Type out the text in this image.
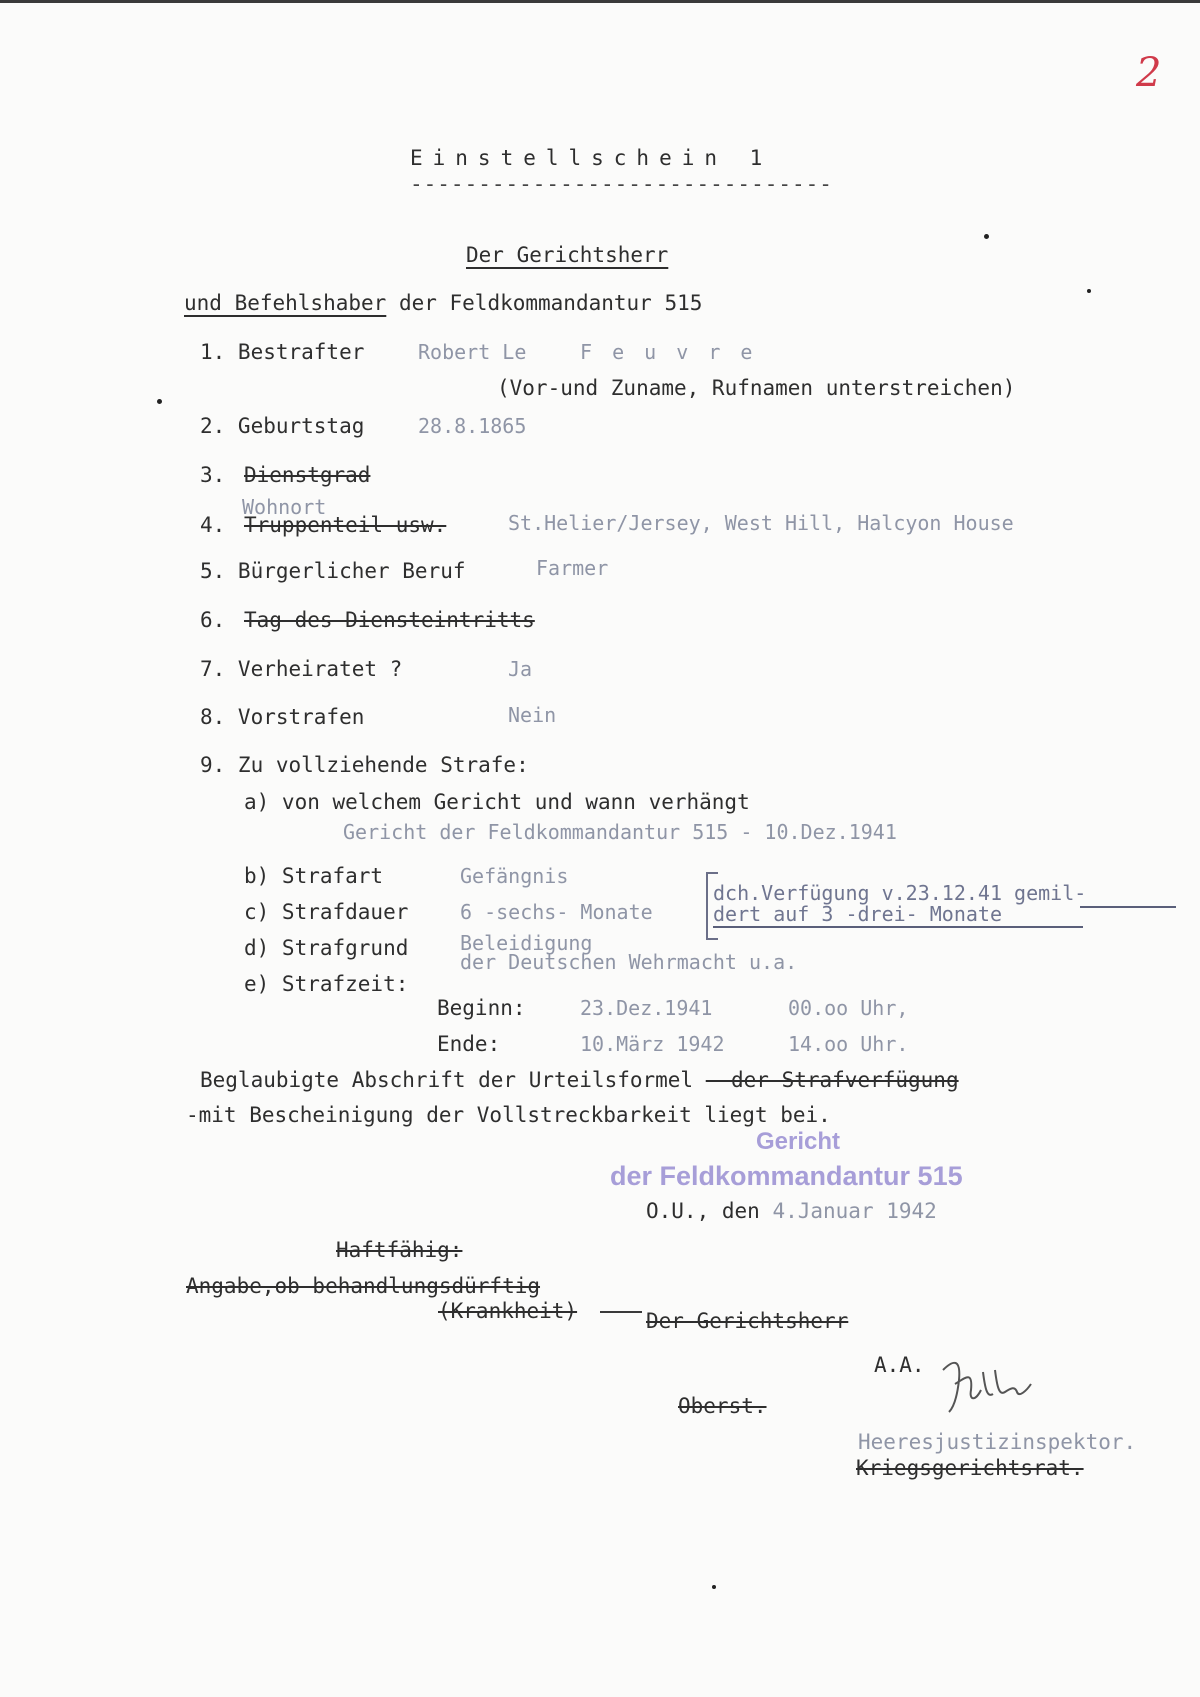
2
Einstellschein 1
-------------------------------
Der Gerichtsherr
und Befehlshaber der Feldkommandantur 515
1. Bestrafter	Robert Le	F e u v r e
(Vor-und Zuname, Rufnamen unterstreichen)
2. Geburtstag	28.8.1865
3. Dienstgrad
Wohnort
4. Truppenteil usw.	St.Helier/Jersey, West Hill, Halcyon House
5. Bürgerlicher Beruf	Farmer
6. Tag des Diensteintritts
7. Verheiratet ?	Ja
8. Vorstrafen	Nein
9. Zu vollziehende Strafe:
a) von welchem Gericht und wann verhängt
Gericht der Feldkommandantur 515 - 10.Dez.1941
b) Strafart	Gefängnis
c) Strafdauer	6 -sechs- Monate
dch.Verfügung v.23.12.41 gemil-
dert auf 3 -drei- Monate
d) Strafgrund	Beleidigung
der Deutschen Wehrmacht u.a.
e) Strafzeit:
Beginn:	23.Dez.1941	00.oo Uhr,
Ende:	10.März 1942	14.oo Uhr.
Beglaubigte Abschrift der Urteilsformel - der Strafverfügung
-mit Bescheinigung der Vollstreckbarkeit liegt bei.
Gericht
der Feldkommandantur 515
O.U., den 4.Januar 1942
Haftfähig:
Angabe,ob behandlungsdürftig
(Krankheit)	Der Gerichtsherr
A.A.
Oberst.
Heeresjustizinspektor.
Kriegsgerichtsrat.
